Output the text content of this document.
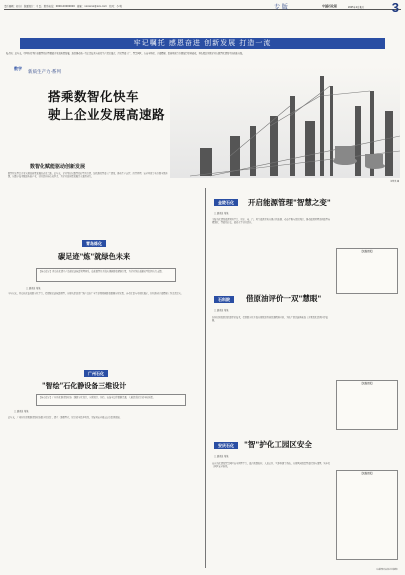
责任编辑：刘 钊　版面设计：王 磊　联系电话：0000-00000000　邮箱：xxxxxxx@xxx.com　校对：李 明	专 版	中国石化报	2025年1月某日 3
牢记嘱托 感恩奋进 创新发展 打造一流
编者按：近年来，中国石化坚持以数智化转型赋能企业高质量发展，加快推动新一代信息技术与炼化生产深度融合，打造智能工厂、智慧园区，在安全环保、节能降碳、提质增效等方面取得显著成效。本版聚焦所属企业在数智化建设中的创新实践。
数字
新质生产力·系列
搭乘数智化快车
驶上企业发展高速路
胡某某 摄
数智化赋能驱动创新发展
数智化转型是企业实现高质量发展的必由之路。近年来，企业坚持以数智化转型为引领，加快推进智能工厂建设，推动生产运营、经营管理、安全环保等各方面全面升级，以数字技术赋能传统产业，持续提升核心竞争力，为企业高质量发展注入强劲动力。
青岛炼化
碳足迹"炼"就绿色未来
【核心提示】青岛炼化建立产品碳足迹核算管理体系，依托数智化手段实现碳排放精准计量，为企业绿色低碳转型提供有力支撑。
□ 通讯员 某某
今年以来，青岛炼化依托数字化平台，搭建碳足迹核算模型，实现从原油进厂到产品出厂全生命周期碳排放数据实时采集、自动计算与可视化展示，持续推动节能降碳工作走深走实。
广州石化
"智绘"石化静设备三维设计
【核心提示】广州石化推进静设备三维数字化设计，实现设计、制造、安装全过程数据贯通，大幅提高设计效率和质量。
□ 通讯员 某某
近年来，广州石化积极推进静设备数字化设计，建立三维模型库，设计效率提升明显，为装置安全稳定运行提供保障。
金陵石化	开启能源管理"智慧之变"
□ 通讯员 某某
金陵石化建设能源管控平台，对水、电、汽、风等能源介质实现在线监测、动态平衡与优化调度，推动能源管理由粗放型向精细化、智能化转变，能效水平持续提升。
【实践者说】
石科院	借原油评价一双"慧眼"
□ 通讯员 某某
石科院研发原油快速评价技术，借助数字化手段实现原油性质快速精准分析，为炼厂原油选购和加工方案优化提供科学依据。
【实践者说】
安庆石化	"智"护化工园区安全
□ 通讯员 某某
安庆石化建设智慧园区安全管理平台，融合视频监控、人员定位、气体检测等系统，实现风险隐患智能识别与预警，筑牢化工园区安全防线。
【实践者说】
（本版图片由各企业提供）
